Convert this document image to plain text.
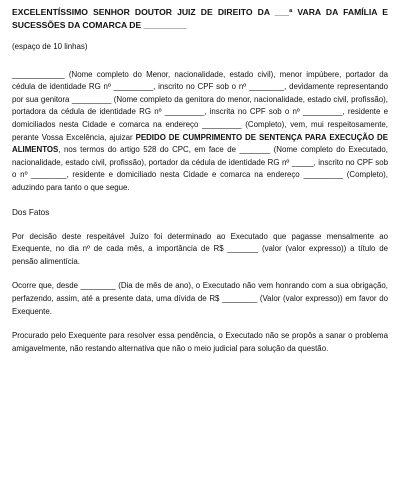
EXCELENTÍSSIMO SENHOR DOUTOR JUIZ DE DIREITO DA ___ª VARA DA FAMÍLIA E SUCESSÕES DA COMARCA DE _________

(espaço de 10 linhas)

____________ (Nome completo do Menor, nacionalidade, estado civil), menor impúbere, portador da cédula de identidade RG nº _________, inscrito no CPF sob o nº ________, devidamente representando por sua genitora _________ (Nome completo da genitora do menor, nacionalidade, estado civil, profissão), portadora da cédula de identidade RG nº _________, inscrita no CPF sob o nº _________, residente e domiciliados nesta Cidade e comarca na endereço _________ (Completo), vem, mui respeitosamente, perante Vossa Excelência, ajuizar PEDIDO DE CUMPRIMENTO DE SENTENÇA PARA EXECUÇÃO DE ALIMENTOS, nos termos do artigo 528 do CPC, em face de _______ (Nome completo do Executado, nacionalidade, estado civil, profissão), portador da cédula de identidade RG nº _____, inscrito no CPF sob o nº ________, residente e domiciliado nesta Cidade e comarca na endereço _________ (Completo), aduzindo para tanto o que segue.

Dos Fatos

Por decisão deste respeitável Juízo foi determinado ao Executado que pagasse mensalmente ao Exequente, no dia nº de cada mês, a importância de R$ _______ (valor (valor expresso)) a título de pensão alimentícia.

Ocorre que, desde ________ (Dia de mês de ano), o Executado não vem honrando com a sua obrigação, perfazendo, assim, até a presente data, uma dívida de R$ ________ (Valor (valor expresso)) em favor do Exequente.

Procurado pelo Exequente para resolver essa pendência, o Executado não se propôs a sanar o problema amigavelmente, não restando alternativa que não o meio judicial para solução da questão.
